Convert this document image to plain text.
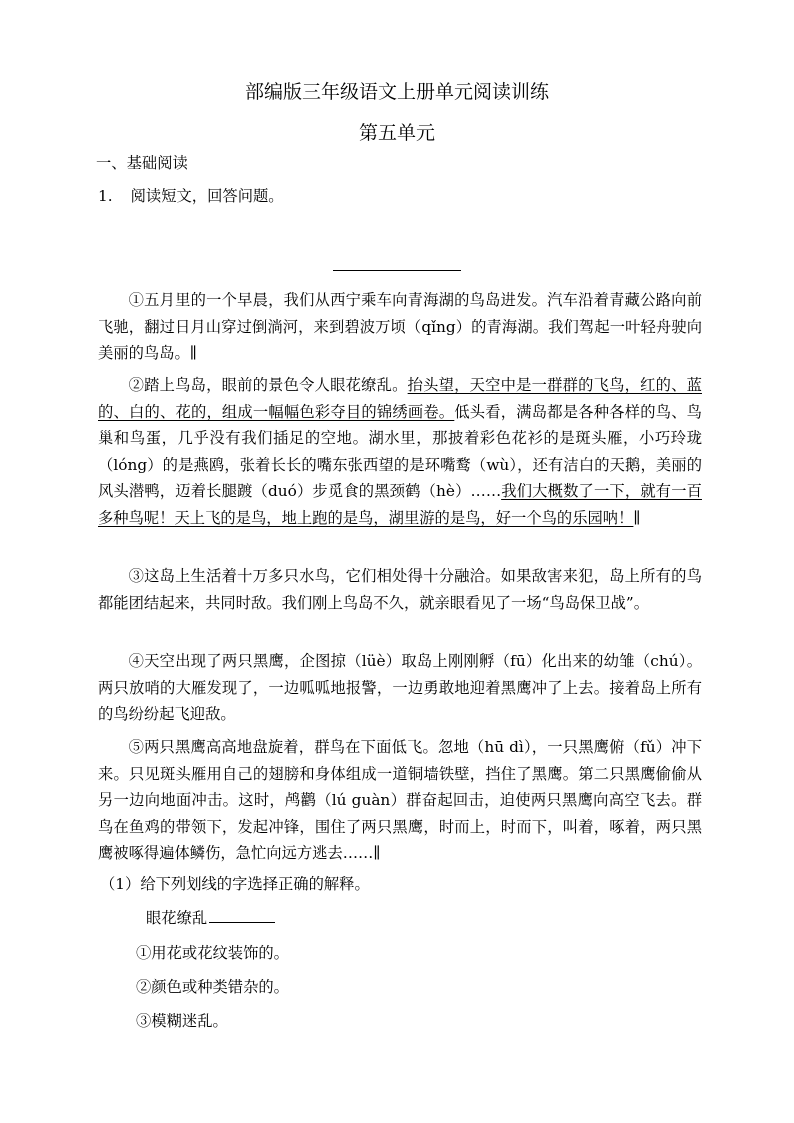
部编版三年级语文上册单元阅读训练
第五单元
一、基础阅读
1. 阅读短文，回答问题。
①五月里的一个早晨，我们从西宁乘车向青海湖的鸟岛进发。汽车沿着青藏公路向前飞驰，翻过日月山穿过倒淌河，来到碧波万顷（qǐng）的青海湖。我们驾起一叶轻舟驶向美丽的鸟岛。∥
②踏上鸟岛，眼前的景色令人眼花缭乱。抬头望，天空中是一群群的飞鸟，红的、蓝的、白的、花的，组成一幅幅色彩夺目的锦绣画卷。低头看，满岛都是各种各样的鸟、鸟巢和鸟蛋，几乎没有我们插足的空地。湖水里，那披着彩色花衫的是斑头雁，小巧玲珑（lóng）的是燕鸥，张着长长的嘴东张西望的是环嘴鹜（wù），还有洁白的天鹅，美丽的风头潜鸭，迈着长腿踱（duó）步觅食的黑颈鹤（hè）……我们大概数了一下，就有一百多种鸟呢！天上飞的是鸟，地上跑的是鸟，湖里游的是鸟，好一个鸟的乐园呐！∥
③这岛上生活着十万多只水鸟，它们相处得十分融洽。如果敌害来犯，岛上所有的鸟都能团结起来，共同时敌。我们刚上鸟岛不久，就亲眼看见了一场“鸟岛保卫战”。
④天空出现了两只黑鹰，企图掠（lüè）取岛上刚刚孵（fū）化出来的幼雏（chú）。两只放哨的大雁发现了，一边呱呱地报警，一边勇敢地迎着黑鹰冲了上去。接着岛上所有的鸟纷纷起飞迎敌。
⑤两只黑鹰高高地盘旋着，群鸟在下面低飞。忽地（hū dì），一只黑鹰俯（fǔ）冲下来。只见斑头雁用自己的翅膀和身体组成一道铜墙铁壁，挡住了黑鹰。第二只黑鹰偷偷从另一边向地面冲击。这时，鸬鹳（lú guàn）群奋起回击，迫使两只黑鹰向高空飞去。群鸟在鱼鸡的带领下，发起冲锋，围住了两只黑鹰，时而上，时而下，叫着，啄着，两只黑鹰被啄得遍体鳞伤，急忙向远方逃去……∥
（1）给下列划线的字选择正确的解释。
眼花缭乱
①用花或花纹装饰的。
②颜色或种类错杂的。
③模糊迷乱。
